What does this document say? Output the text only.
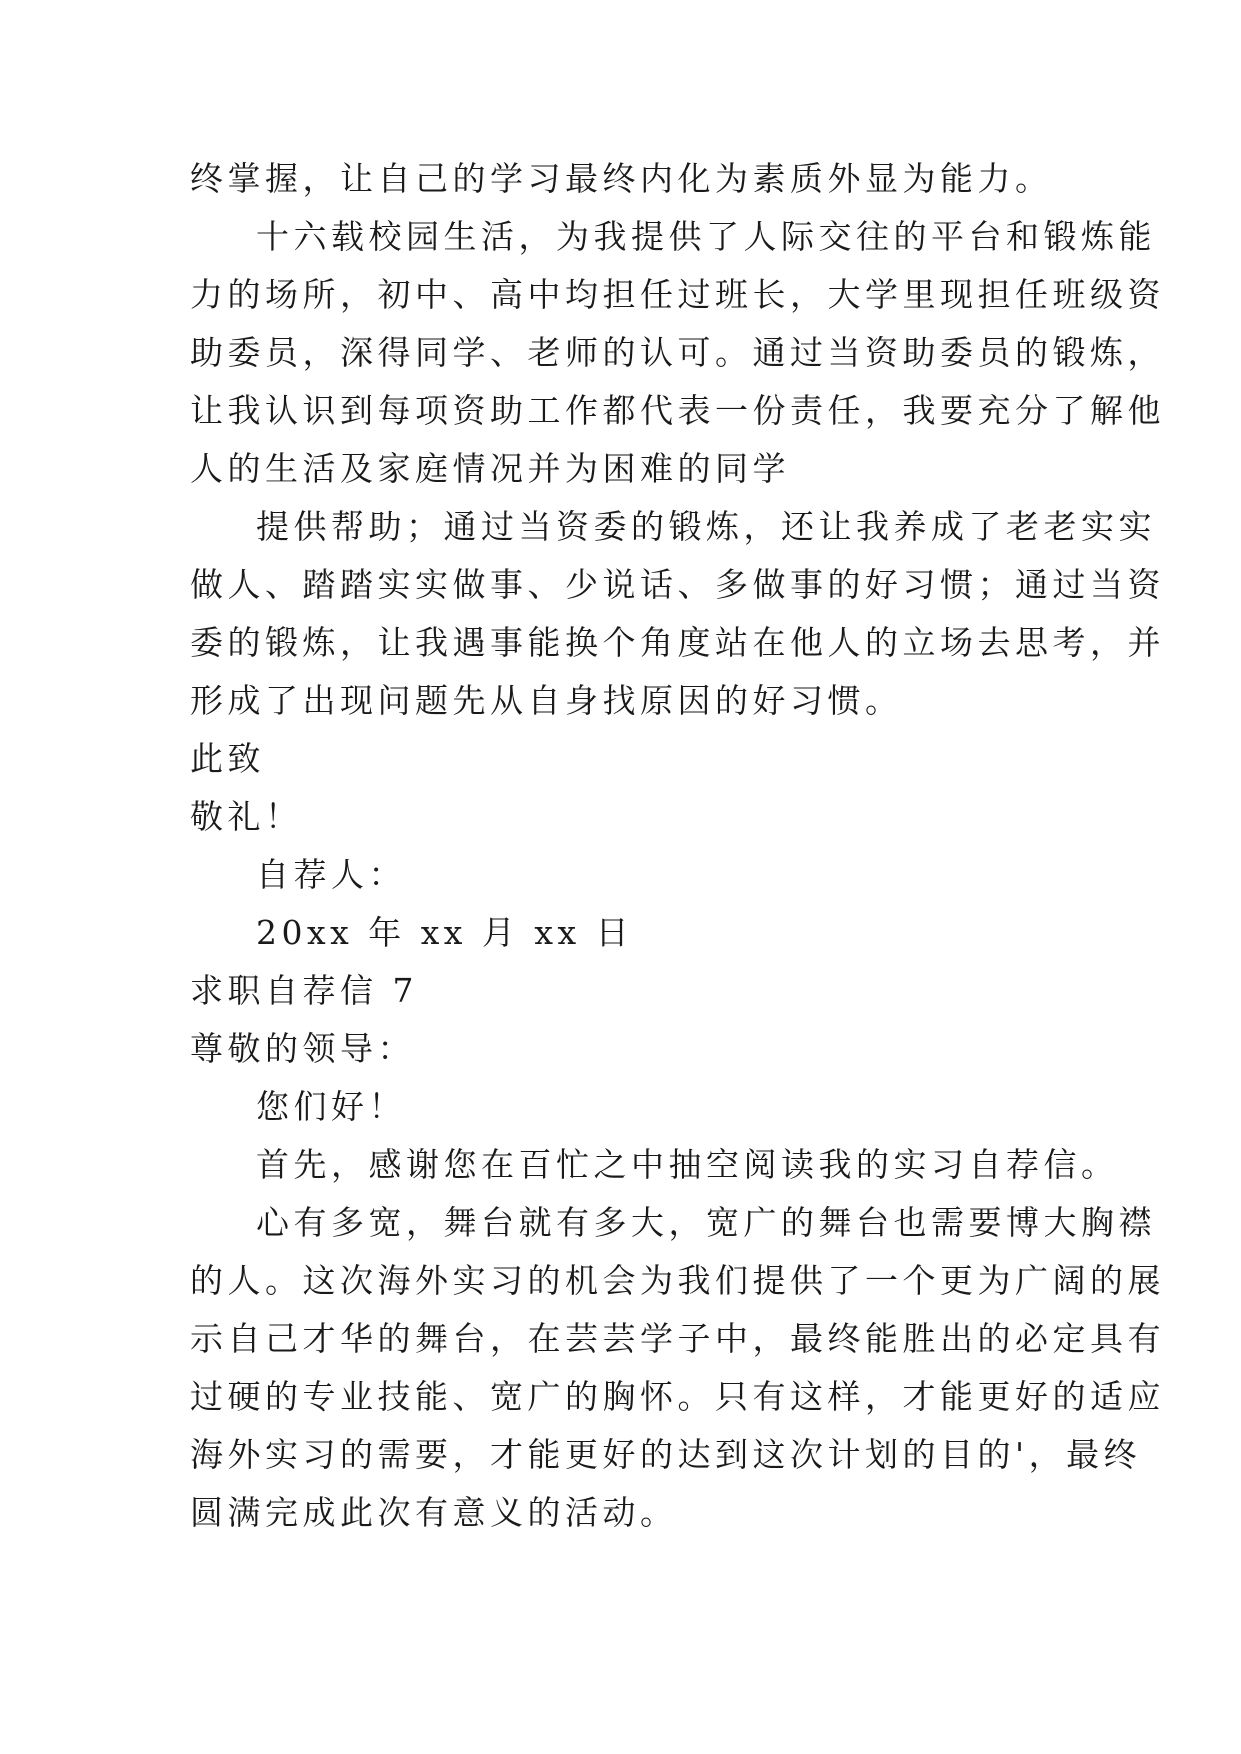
终掌握，让自己的学习最终内化为素质外显为能力。
十六载校园生活，为我提供了人际交往的平台和锻炼能
力的场所，初中、高中均担任过班长，大学里现担任班级资
助委员，深得同学、老师的认可。通过当资助委员的锻炼，
让我认识到每项资助工作都代表一份责任，我要充分了解他
人的生活及家庭情况并为困难的同学
提供帮助；通过当资委的锻炼，还让我养成了老老实实
做人、踏踏实实做事、少说话、多做事的好习惯；通过当资
委的锻炼，让我遇事能换个角度站在他人的立场去思考，并
形成了出现问题先从自身找原因的好习惯。
此致
敬礼！
自荐人：
20xx 年 xx 月 xx 日
求职自荐信 7
尊敬的领导：
您们好！
首先，感谢您在百忙之中抽空阅读我的实习自荐信。
心有多宽，舞台就有多大，宽广的舞台也需要博大胸襟
的人。这次海外实习的机会为我们提供了一个更为广阔的展
示自己才华的舞台，在芸芸学子中，最终能胜出的必定具有
过硬的专业技能、宽广的胸怀。只有这样，才能更好的适应
海外实习的需要，才能更好的达到这次计划的目的'，最终
圆满完成此次有意义的活动。
